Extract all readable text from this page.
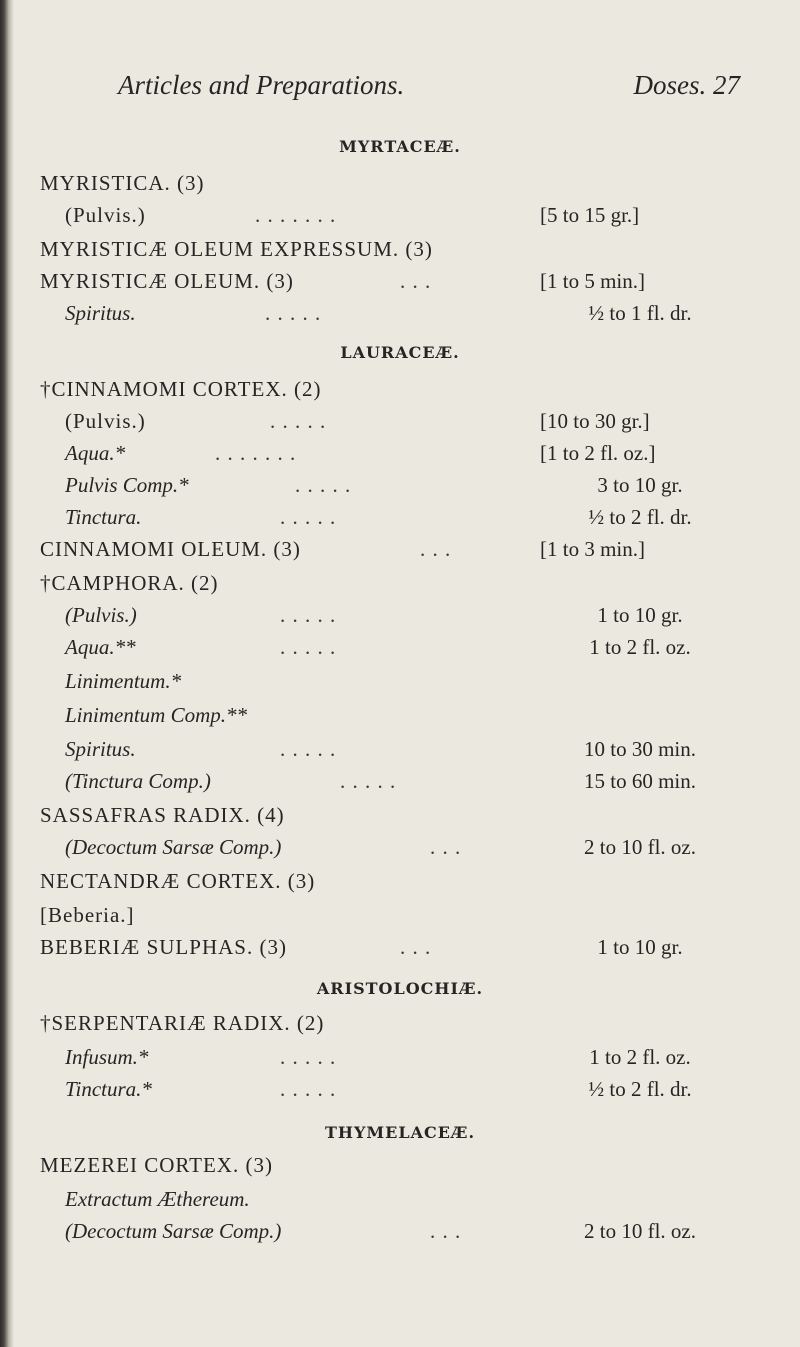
Articles and Preparations.	Doses. 27
MYRTACEÆ.
MYRISTICA. (3)
(Pulvis.)	. . . . . . .	[5 to 15 gr.]
MYRISTICÆ OLEUM EXPRESSUM. (3)
MYRISTICÆ OLEUM. (3)	. . .	[1 to 5 min.]
Spiritus.	. . . . .	½ to 1 fl. dr.
LAURACEÆ.
†CINNAMOMI CORTEX. (2)
(Pulvis.)	. . . . .	[10 to 30 gr.]
Aqua.*	. . . . . . .	[1 to 2 fl. oz.]
Pulvis Comp.*	. . . . .	3 to 10 gr.
Tinctura.	. . . . .	½ to 2 fl. dr.
CINNAMOMI OLEUM. (3)	. . .	[1 to 3 min.]
†CAMPHORA. (2)
(Pulvis.)	. . . . .	1 to 10 gr.
Aqua.**	. . . . .	1 to 2 fl. oz.
Linimentum.*
Linimentum Comp.**
Spiritus.	. . . . .	10 to 30 min.
(Tinctura Comp.)	. . . . .	15 to 60 min.
SASSAFRAS RADIX. (4)
(Decoctum Sarsæ Comp.)	. . .	2 to 10 fl. oz.
NECTANDRÆ CORTEX. (3)
[Beberia.]
BEBERIÆ SULPHAS. (3)	. . .	1 to 10 gr.
ARISTOLOCHIÆ.
†SERPENTARIÆ RADIX. (2)
Infusum.*	. . . . .	1 to 2 fl. oz.
Tinctura.*	. . . . .	½ to 2 fl. dr.
THYMELACEÆ.
MEZEREI CORTEX. (3)
Extractum Æthereum.
(Decoctum Sarsæ Comp.)	. . .	2 to 10 fl. oz.
